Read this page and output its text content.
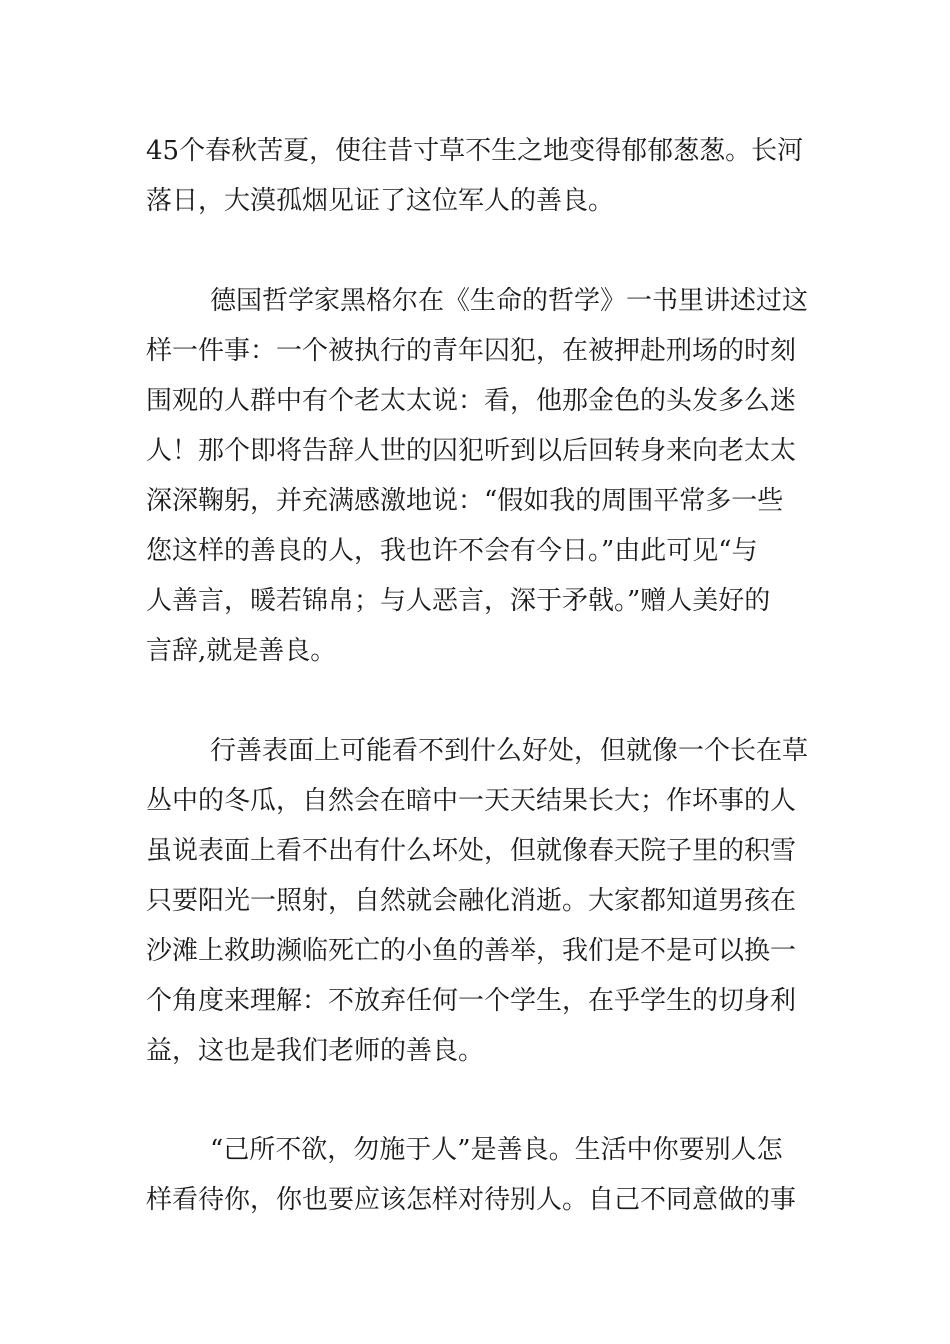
45个春秋苦夏，使往昔寸草不生之地变得郁郁葱葱。长河
落日，大漠孤烟见证了这位军人的善良。
德国哲学家黑格尔在《生命的哲学》一书里讲述过这
样一件事：一个被执行的青年囚犯，在被押赴刑场的时刻
围观的人群中有个老太太说：看，他那金色的头发多么迷
人！那个即将告辞人世的囚犯听到以后回转身来向老太太
深深鞠躬，并充满感激地说：“假如我的周围平常多一些
您这样的善良的人，我也许不会有今日。”由此可见“与
人善言，暖若锦帛；与人恶言，深于矛戟。”赠人美好的
言辞,就是善良。
行善表面上可能看不到什么好处，但就像一个长在草
丛中的冬瓜，自然会在暗中一天天结果长大；作坏事的人
虽说表面上看不出有什么坏处，但就像春天院子里的积雪
只要阳光一照射，自然就会融化消逝。大家都知道男孩在
沙滩上救助濒临死亡的小鱼的善举，我们是不是可以换一
个角度来理解：不放弃任何一个学生，在乎学生的切身利
益，这也是我们老师的善良。
“己所不欲，勿施于人”是善良。生活中你要别人怎
样看待你，你也要应该怎样对待别人。自己不同意做的事
